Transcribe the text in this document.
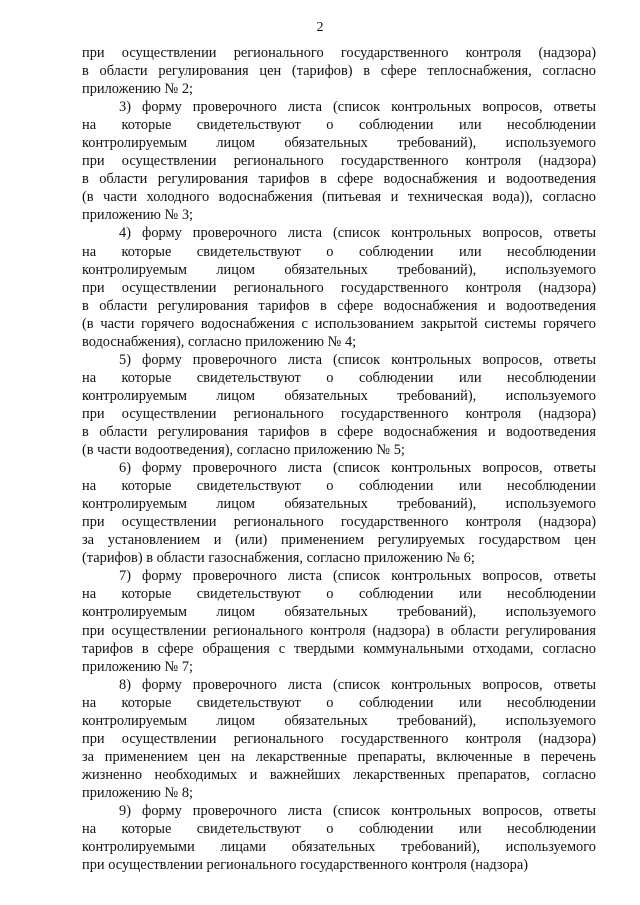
2
при осуществлении регионального государственного контроля (надзора)
в области регулирования цен (тарифов) в сфере теплоснабжения, согласно
приложению № 2;
3) форму проверочного листа (список контрольных вопросов, ответы
на которые свидетельствуют о соблюдении или несоблюдении
контролируемым лицом обязательных требований), используемого
при осуществлении регионального государственного контроля (надзора)
в области регулирования тарифов в сфере водоснабжения и водоотведения
(в части холодного водоснабжения (питьевая и техническая вода)), согласно
приложению № 3;
4) форму проверочного листа (список контрольных вопросов, ответы
на которые свидетельствуют о соблюдении или несоблюдении
контролируемым лицом обязательных требований), используемого
при осуществлении регионального государственного контроля (надзора)
в области регулирования тарифов в сфере водоснабжения и водоотведения
(в части горячего водоснабжения с использованием закрытой системы горячего
водоснабжения), согласно приложению № 4;
5) форму проверочного листа (список контрольных вопросов, ответы
на которые свидетельствуют о соблюдении или несоблюдении
контролируемым лицом обязательных требований), используемого
при осуществлении регионального государственного контроля (надзора)
в области регулирования тарифов в сфере водоснабжения и водоотведения
(в части водоотведения), согласно приложению № 5;
6) форму проверочного листа (список контрольных вопросов, ответы
на которые свидетельствуют о соблюдении или несоблюдении
контролируемым лицом обязательных требований), используемого
при осуществлении регионального государственного контроля (надзора)
за установлением и (или) применением регулируемых государством цен
(тарифов) в области газоснабжения, согласно приложению № 6;
7) форму проверочного листа (список контрольных вопросов, ответы
на которые свидетельствуют о соблюдении или несоблюдении
контролируемым лицом обязательных требований), используемого
при осуществлении регионального контроля (надзора) в области регулирования
тарифов в сфере обращения с твердыми коммунальными отходами, согласно
приложению № 7;
8) форму проверочного листа (список контрольных вопросов, ответы
на которые свидетельствуют о соблюдении или несоблюдении
контролируемым лицом обязательных требований), используемого
при осуществлении регионального государственного контроля (надзора)
за применением цен на лекарственные препараты, включенные в перечень
жизненно необходимых и важнейших лекарственных препаратов, согласно
приложению № 8;
9) форму проверочного листа (список контрольных вопросов, ответы
на которые свидетельствуют о соблюдении или несоблюдении
контролируемыми лицами обязательных требований), используемого
при осуществлении регионального государственного контроля (надзора)
